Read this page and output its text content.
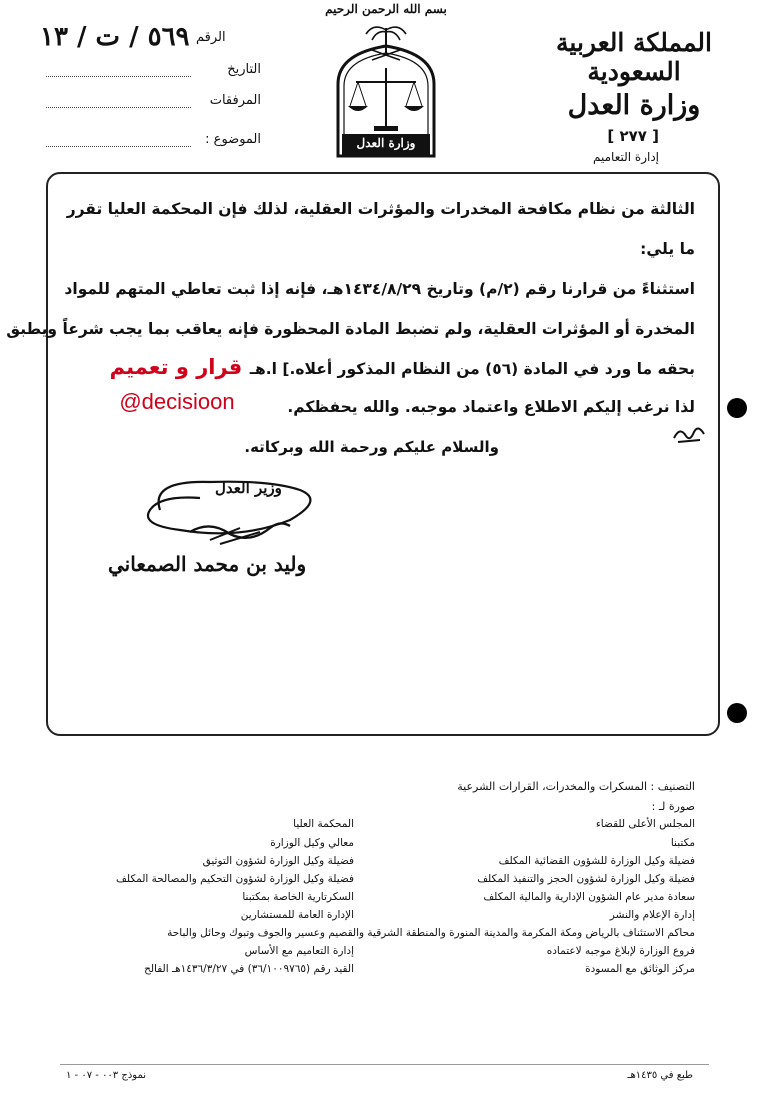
المملكة العربية السعودية
وزارة العدل
[ ٢٧٧ ]
إدارة التعاميم
بسم الله الرحمن الرحيم
وزارة العدل
٥٦٩ / ت / ١٣ الرقم
التاريخ
المرفقات
الموضوع :
الثالثة من نظام مكافحة المخدرات والمؤثرات العقلية، لذلك فإن المحكمة العليا تقرر
ما يلي:
استثناءً من قرارنا رقم (٢/م) وتاريخ ١٤٣٤/٨/٢٩هـ، فإنه إذا ثبت تعاطي المتهم للمواد
المخدرة أو المؤثرات العقلية، ولم تضبط المادة المحظورة فإنه يعاقب بما يجب شرعاً ويطبق
بحقه ما ورد في المادة (٥٦) من النظام المذكور أعلاه.] ا.هـ
لذا نرغب إليكم الاطلاع واعتماد موجبه. والله يحفظكم.
والسلام عليكم ورحمة الله وبركاته.
قرار و تعميم
@decisioon
وزير العدل
وليد بن محمد الصمعاني
التصنيف : المسكرات والمخدرات، القرارات الشرعية
صورة لـ :
المجلس الأعلى للقضاء
مكتبنا
فضيلة وكيل الوزارة للشؤون القضائية المكلف
فضيلة وكيل الوزارة لشؤون الحجز والتنفيذ المكلف
سعادة مدير عام الشؤون الإدارية والمالية المكلف
إدارة الإعلام والنشر
المحكمة العليا
معالي وكيل الوزارة
فضيلة وكيل الوزارة لشؤون التوثيق
فضيلة وكيل الوزارة لشؤون التحكيم والمصالحة المكلف
السكرتارية الخاصة بمكتبنا
الإدارة العامة للمستشارين
محاكم الاستئناف بالرياض ومكة المكرمة والمدينة المنورة والمنطقة الشرقية والقصيم وعسير والجوف وتبوك وحائل والباحة
فروع الوزارة لإبلاغ موجبه لاعتماده
مركز الوثائق مع المسودة
إدارة التعاميم مع الأساس
القيد رقم (٣٦/١٠٠٩٧٦٥) في ١٤٣٦/٣/٢٧هـ الفالح
طبع في ١٤٣٥هـ
نموذج ٠٠٣ - ٠٧ - ١
